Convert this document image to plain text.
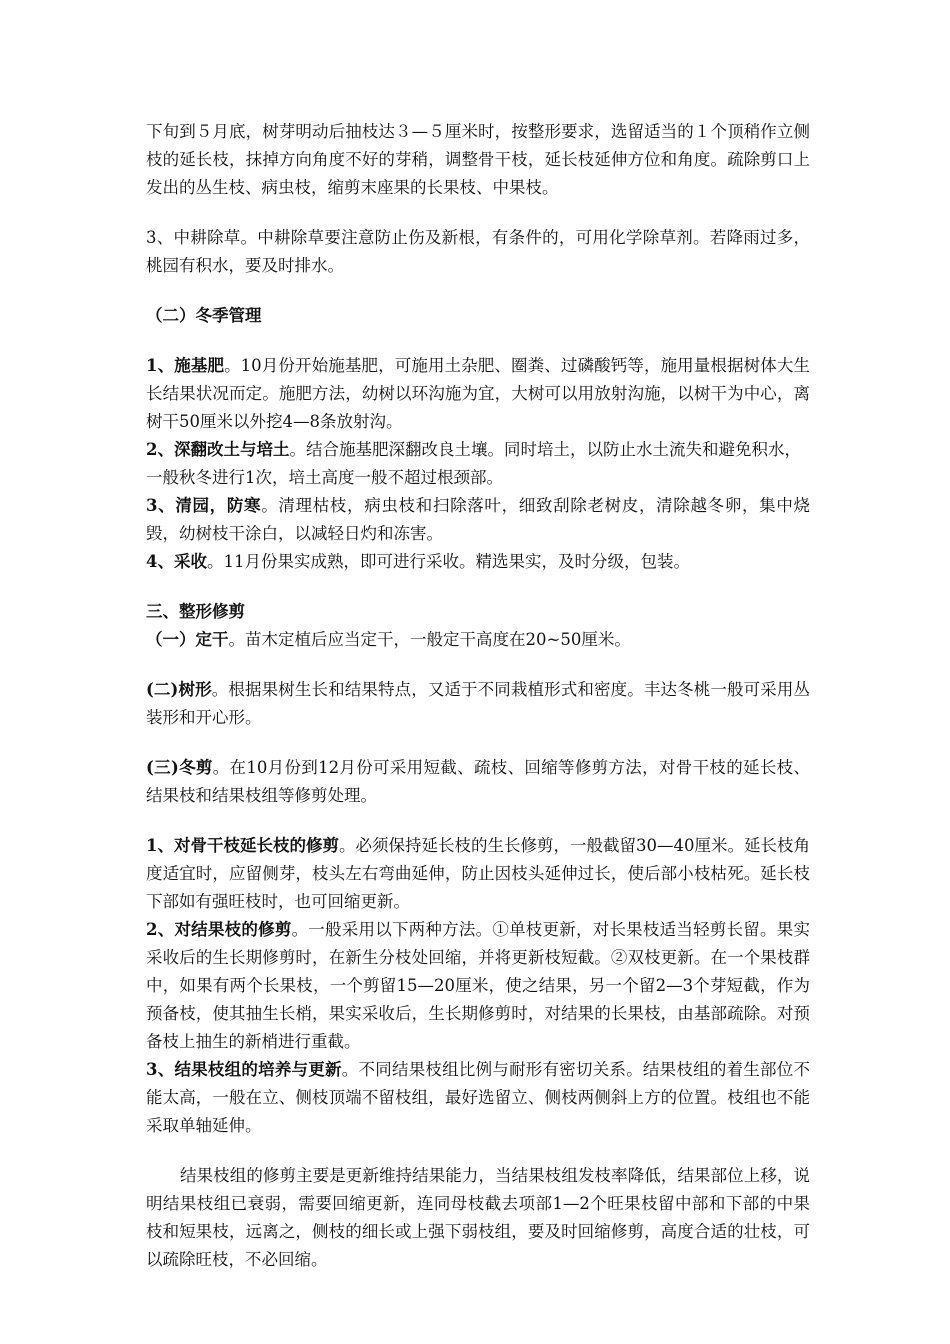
下旬到５月底，树芽明动后抽枝达３—５厘米时，按整形要求，选留适当的１个顶稍作立侧枝的延长枝，抹掉方向角度不好的芽稍，调整骨干枝，延长枝延伸方位和角度。疏除剪口上发出的丛生枝、病虫枝，缩剪末座果的长果枝、中果枝。

3、中耕除草。中耕除草要注意防止伤及新根，有条件的，可用化学除草剂。若降雨过多，桃园有积水，要及时排水。

（二）冬季管理

1、施基肥。10月份开始施基肥，可施用土杂肥、圈粪、过磷酸钙等，施用量根据树体大生长结果状况而定。施肥方法，幼树以环沟施为宜，大树可以用放射沟施，以树干为中心，离树干50厘米以外挖4—8条放射沟。

2、深翻改土与培土。结合施基肥深翻改良土壤。同时培土，以防止水土流失和避免积水，

一般秋冬进行1次，培土高度一般不超过根颈部。

3、清园，防寒。清理枯枝，病虫枝和扫除落叶，细致刮除老树皮，清除越冬卵，集中烧毁，幼树枝干涂白，以减轻日灼和冻害。

4、采收。11月份果实成熟，即可进行采收。精选果实，及时分级，包装。

三、整形修剪

（一）定干。苗木定植后应当定干，一般定干高度在20~50厘米。

(二)树形。根据果树生长和结果特点，又适于不同栽植形式和密度。丰达冬桃一般可采用丛装形和开心形。

(三)冬剪。在10月份到12月份可采用短截、疏枝、回缩等修剪方法，对骨干枝的延长枝、结果枝和结果枝组等修剪处理。

1、对骨干枝延长枝的修剪。必须保持延长枝的生长修剪，一般截留30—40厘米。延长枝角度适宜时，应留侧芽，枝头左右弯曲延伸，防止因枝头延伸过长，使后部小枝枯死。延长枝下部如有强旺枝时，也可回缩更新。

2、对结果枝的修剪。一般采用以下两种方法。①单枝更新，对长果枝适当轻剪长留。果实采收后的生长期修剪时，在新生分枝处回缩，并将更新枝短截。②双枝更新。在一个果枝群中，如果有两个长果枝，一个剪留15—20厘米，使之结果，另一个留2—3个芽短截，作为预备枝，使其抽生长梢，果实采收后，生长期修剪时，对结果的长果枝，由基部疏除。对预备枝上抽生的新梢进行重截。

3、结果枝组的培养与更新。不同结果枝组比例与耐形有密切关系。结果枝组的着生部位不能太高，一般在立、侧枝顶端不留枝组，最好选留立、侧枝两侧斜上方的位置。枝组也不能采取单轴延伸。

结果枝组的修剪主要是更新维持结果能力，当结果枝组发枝率降低，结果部位上移，说明结果枝组已衰弱，需要回缩更新，连同母枝截去项部1—2个旺果枝留中部和下部的中果枝和短果枝，远离之，侧枝的细长或上强下弱枝组，要及时回缩修剪，高度合适的壮枝，可以疏除旺枝，不必回缩。
